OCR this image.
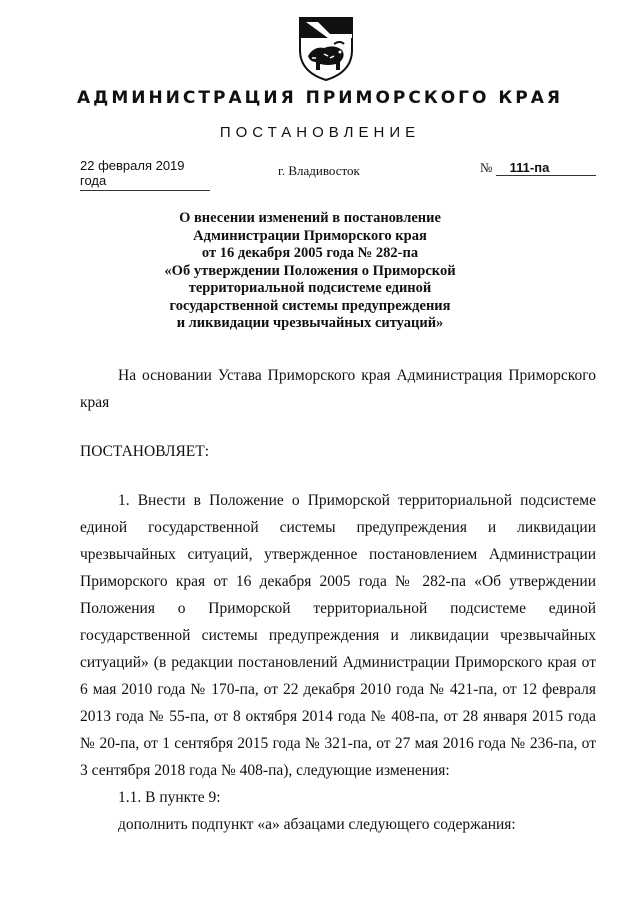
АДМИНИСТРАЦИЯ ПРИМОРСКОГО КРАЯ
ПОСТАНОВЛЕНИЕ
22 февраля 2019 года
г. Владивосток	№ 111-па
О внесении изменений в постановление
Администрации Приморского края
от 16 декабря 2005 года № 282-па
«Об утверждении Положения о Приморской
территориальной подсистеме единой
государственной системы предупреждения
и ликвидации чрезвычайных ситуаций»
На основании Устава Приморского края Администрация Приморского края
ПОСТАНОВЛЯЕТ:
1. Внести в Положение о Приморской территориальной подсистеме единой государственной системы предупреждения и ликвидации чрезвычайных ситуаций, утвержденное постановлением Администрации Приморского края от 16 декабря 2005 года № 282-па «Об утверждении Положения о Приморской территориальной подсистеме единой государственной системы предупреждения и ликвидации чрезвычайных ситуаций» (в редакции постановлений Администрации Приморского края от 6 мая 2010 года № 170-па, от 22 декабря 2010 года № 421-па, от 12 февраля 2013 года № 55-па, от 8 октября 2014 года № 408-па, от 28 января 2015 года № 20-па, от 1 сентября 2015 года № 321-па, от 27 мая 2016 года № 236-па, от 3 сентября 2018 года № 408-па), следующие изменения:
1.1. В пункте 9:
дополнить подпункт «а» абзацами следующего содержания:
